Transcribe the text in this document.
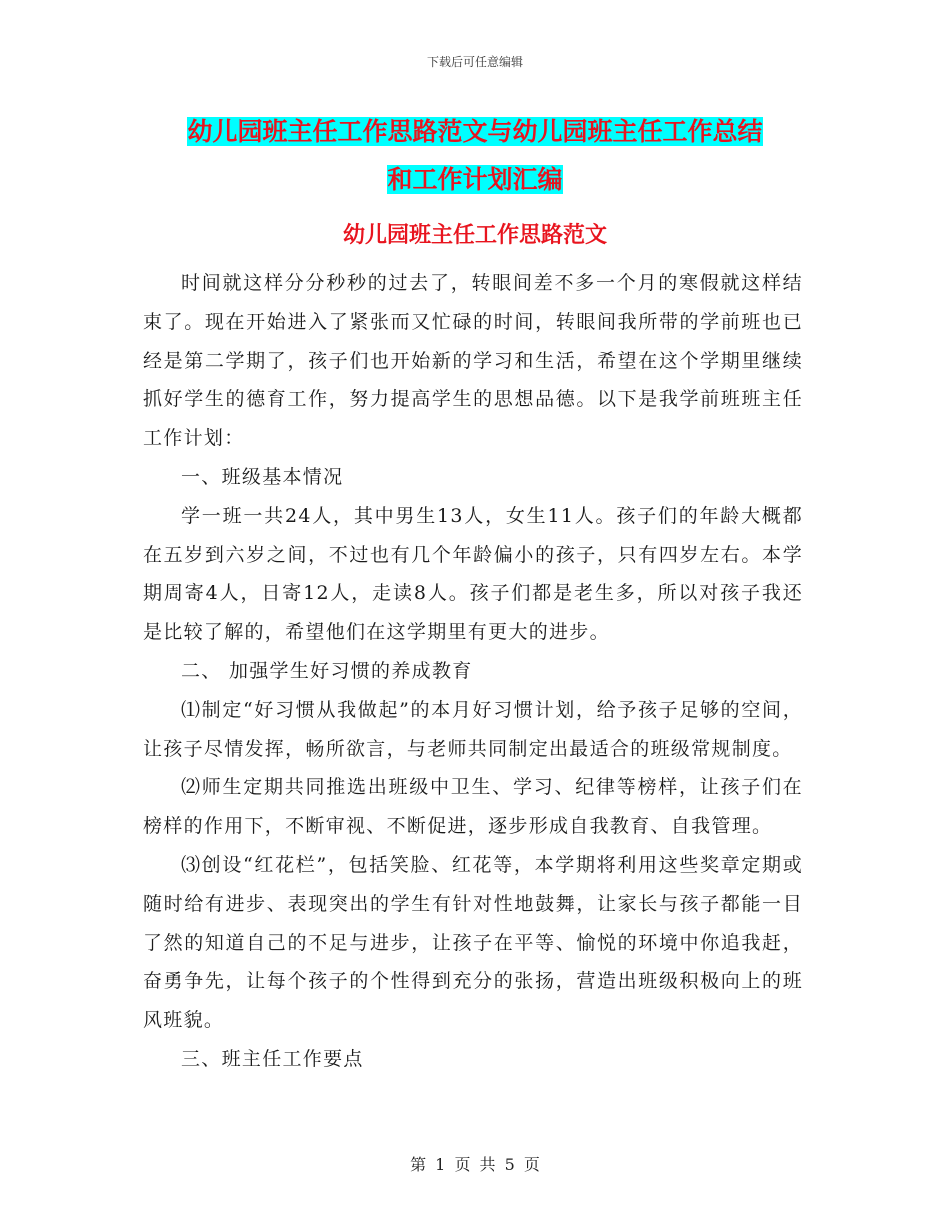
下载后可任意编辑
幼儿园班主任工作思路范文与幼儿园班主任工作总结
和工作计划汇编
幼儿园班主任工作思路范文

时间就这样分分秒秒的过去了，转眼间差不多一个月的寒假就这样结束了。现在开始进入了紧张而又忙碌的时间，转眼间我所带的学前班也已经是第二学期了，孩子们也开始新的学习和生活，希望在这个学期里继续抓好学生的德育工作，努力提高学生的思想品德。以下是我学前班班主任工作计划：

一、班级基本情况

学一班一共24人，其中男生13人，女生11人。孩子们的年龄大概都在五岁到六岁之间，不过也有几个年龄偏小的孩子，只有四岁左右。本学期周寄4人，日寄12人，走读8人。孩子们都是老生多，所以对孩子我还是比较了解的，希望他们在这学期里有更大的进步。

二、 加强学生好习惯的养成教育

⑴制定“好习惯从我做起”的本月好习惯计划，给予孩子足够的空间，让孩子尽情发挥，畅所欲言，与老师共同制定出最适合的班级常规制度。

⑵师生定期共同推选出班级中卫生、学习、纪律等榜样，让孩子们在榜样的作用下，不断审视、不断促进，逐步形成自我教育、自我管理。

⑶创设“红花栏”，包括笑脸、红花等，本学期将利用这些奖章定期或随时给有进步、表现突出的学生有针对性地鼓舞，让家长与孩子都能一目了然的知道自己的不足与进步，让孩子在平等、愉悦的环境中你追我赶，奋勇争先，让每个孩子的个性得到充分的张扬，营造出班级积极向上的班风班貌。

三、班主任工作要点

第 1 页 共 5 页
